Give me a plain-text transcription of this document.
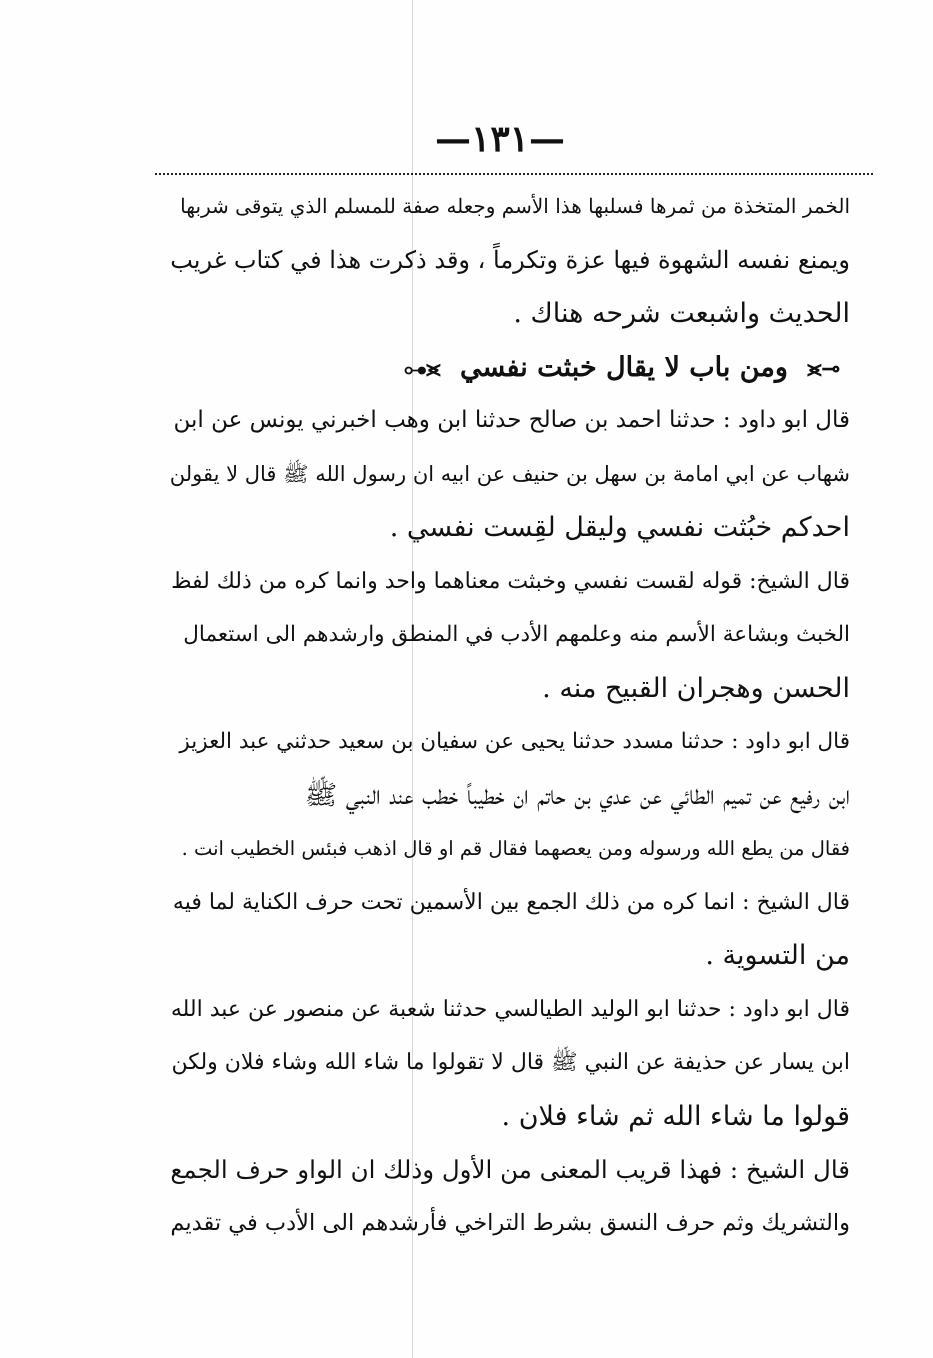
—١٣١—
الخمر المتخذة من ثمرها فسلبها هذا الأسم وجعله صفة للمسلم الذي يتوقى شربها
ويمنع نفسه الشهوة فيها عزة وتكرماً ، وقد ذكرت هذا في كتاب غريب
الحديث واشبعت شرحه هناك .
⊸⪤ ومن باب لا يقال خبثت نفسي ⪤⊷
قال ابو داود : حدثنا احمد بن صالح حدثنا ابن وهب اخبرني يونس عن ابن
شهاب عن ابي امامة بن سهل بن حنيف عن ابيه ان رسول الله ﷺ قال لا يقولن
احدكم خبُثت نفسي وليقل لقِست نفسي .
قال الشيخ: قوله لقست نفسي وخبثت معناهما واحد وانما كره من ذلك لفظ
الخبث وبشاعة الأسم منه وعلمهم الأدب في المنطق وارشدهم الى استعمال
الحسن وهجران القبيح منه .
قال ابو داود : حدثنا مسدد حدثنا يحيى عن سفيان بن سعيد حدثني عبد العزيز
ابن رفيع عن تميم الطائي عن عدي بن حاتم ان خطيباً خطب عند النبي ﷺ
فقال من يطع الله ورسوله ومن يعصهما فقال قم او قال اذهب فبئس الخطيب انت .
قال الشيخ : انما كره من ذلك الجمع بين الأسمين تحت حرف الكناية لما فيه
من التسوية .
قال ابو داود : حدثنا ابو الوليد الطيالسي حدثنا شعبة عن منصور عن عبد الله
ابن يسار عن حذيفة عن النبي ﷺ قال لا تقولوا ما شاء الله وشاء فلان ولكن
قولوا ما شاء الله ثم شاء فلان .
قال الشيخ : فهذا قريب المعنى من الأول وذلك ان الواو حرف الجمع
والتشريك وثم حرف النسق بشرط التراخي فأرشدهم الى الأدب في تقديم
